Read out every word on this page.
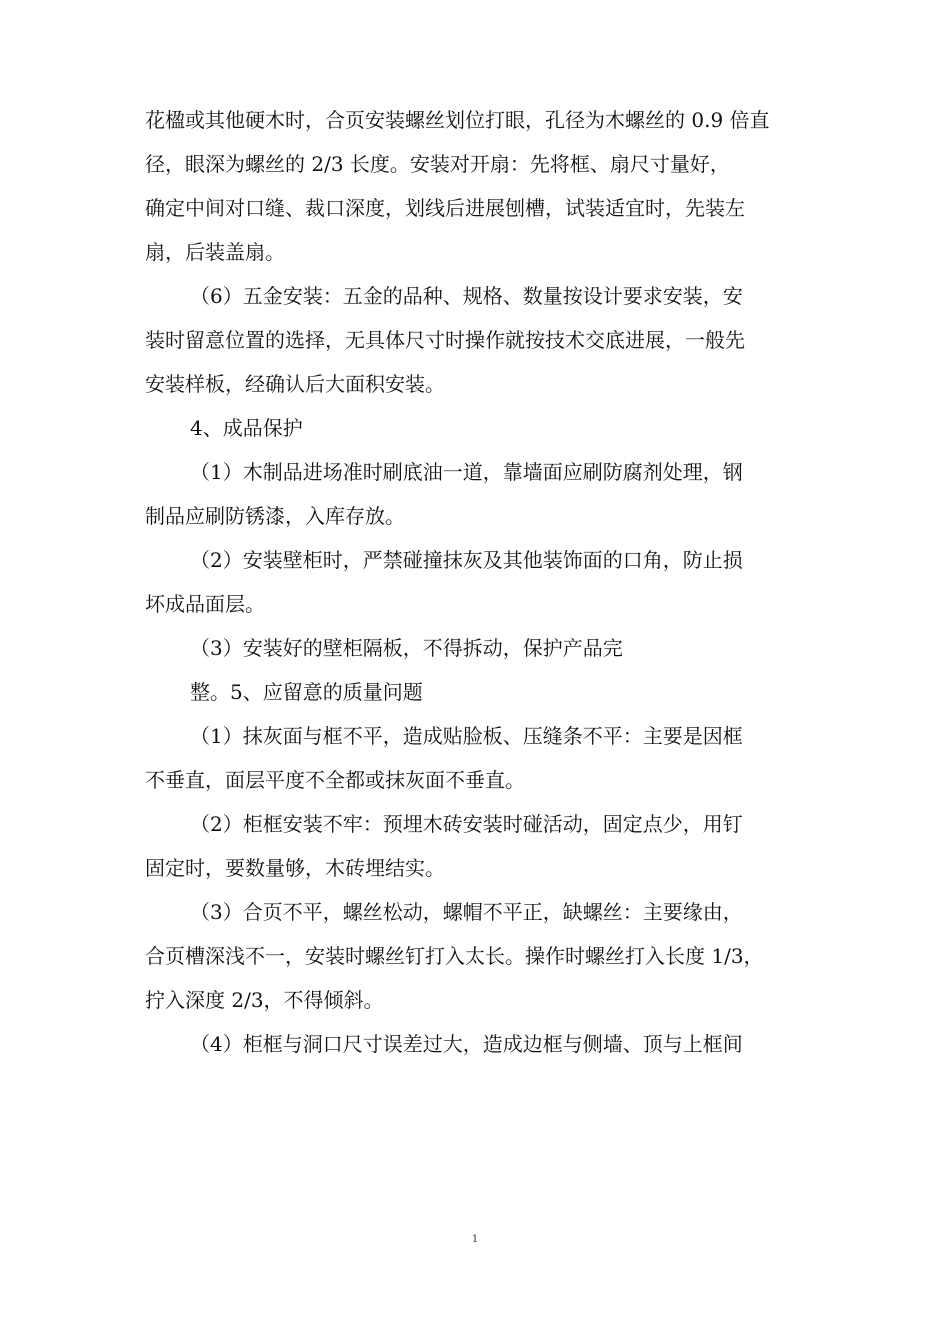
花楹或其他硬木时，合页安装螺丝划位打眼，孔径为木螺丝的 0.9 倍直
径，眼深为螺丝的 2/3 长度。安装对开扇：先将框、扇尺寸量好，
确定中间对口缝、裁口深度，划线后进展刨槽，试装适宜时，先装左
扇，后装盖扇。
（6）五金安装：五金的品种、规格、数量按设计要求安装，安
装时留意位置的选择，无具体尺寸时操作就按技术交底进展，一般先
安装样板，经确认后大面积安装。
4、成品保护
（1）木制品进场准时刷底油一道，靠墙面应刷防腐剂处理，钢
制品应刷防锈漆，入库存放。
（2）安装壁柜时，严禁碰撞抹灰及其他装饰面的口角，防止损
坏成品面层。
（3）安装好的壁柜隔板，不得拆动，保护产品完
整。5、应留意的质量问题
（1）抹灰面与框不平，造成贴脸板、压缝条不平：主要是因框
不垂直，面层平度不全都或抹灰面不垂直。
（2）柜框安装不牢：预埋木砖安装时碰活动，固定点少，用钉
固定时，要数量够，木砖埋结实。
（3）合页不平，螺丝松动，螺帽不平正，缺螺丝：主要缘由，
合页槽深浅不一，安装时螺丝钉打入太长。操作时螺丝打入长度 1/3，
拧入深度 2/3，不得倾斜。
（4）柜框与洞口尺寸误差过大，造成边框与侧墙、顶与上框间
1
